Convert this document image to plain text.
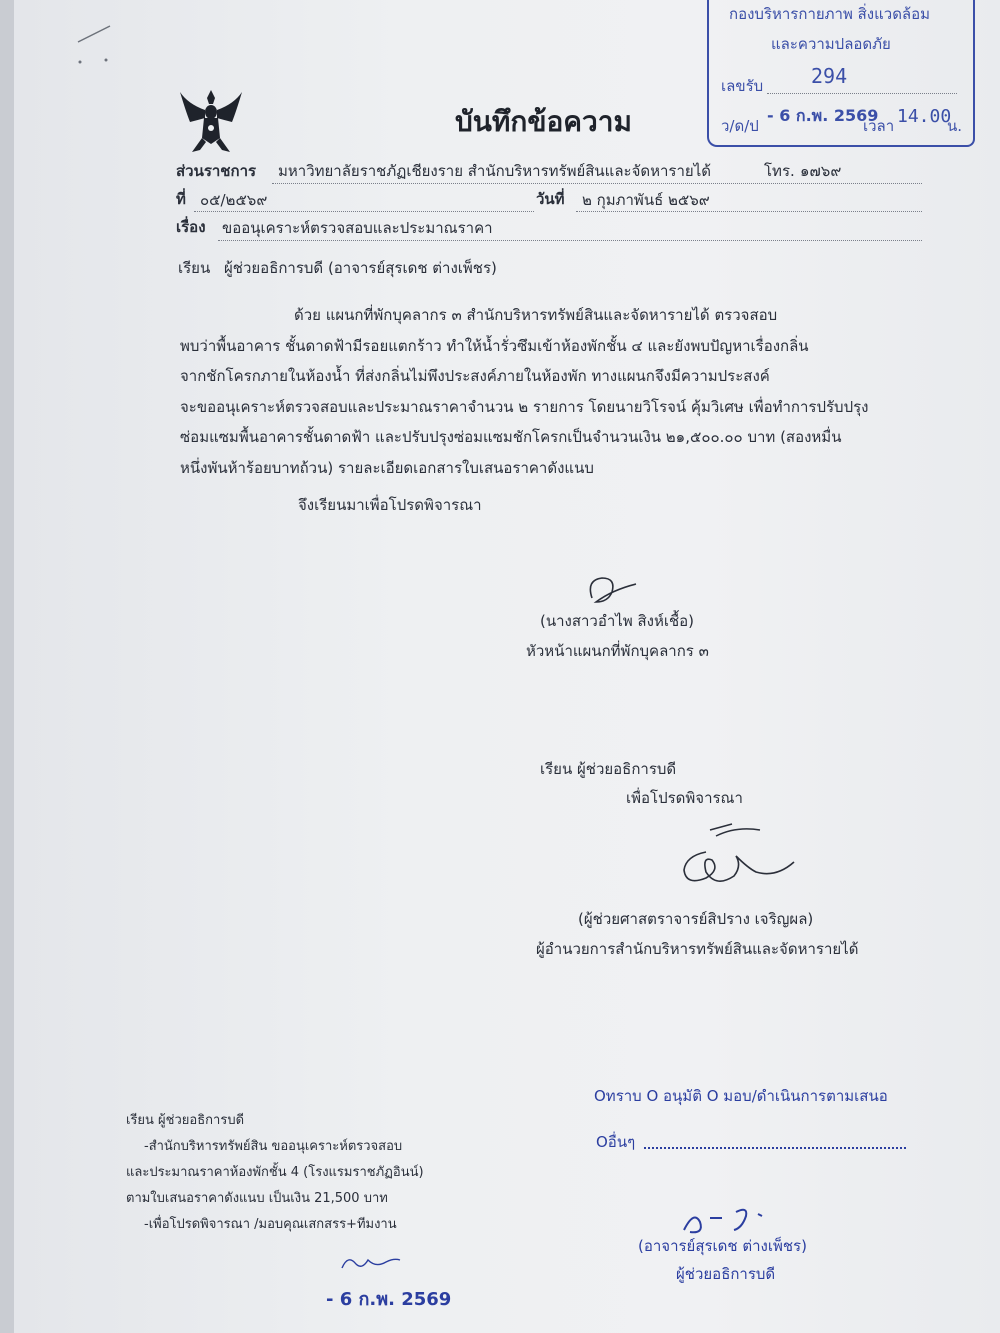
กองบริหารกายภาพ สิ่งแวดล้อม
และความปลอดภัย
เลขรับ 294
ว/ด/ป
- 6 ก.พ. 2569
เวลา 14.00
น.
บันทึกข้อความ
ส่วนราชการ มหาวิทยาลัยราชภัฏเชียงราย สำนักบริหารทรัพย์สินและจัดหารายได้	โทร. ๑๗๖๙
ที่ ๐๕/๒๕๖๙	วันที่ ๒ กุมภาพันธ์ ๒๕๖๙
เรื่อง ขออนุเคราะห์ตรวจสอบและประมาณราคา
เรียน ผู้ช่วยอธิการบดี (อาจารย์สุรเดช ต่างเพ็ชร)
ด้วย แผนกที่พักบุคลากร ๓ สำนักบริหารทรัพย์สินและจัดหารายได้ ตรวจสอบ
พบว่าพื้นอาคาร ชั้นดาดฟ้ามีรอยแตกร้าว ทำให้น้ำรั่วซึมเข้าห้องพักชั้น ๔ และยังพบปัญหาเรื่องกลิ่น
จากชักโครกภายในห้องน้ำ ที่ส่งกลิ่นไม่พึงประสงค์ภายในห้องพัก ทางแผนกจึงมีความประสงค์
จะขออนุเคราะห์ตรวจสอบและประมาณราคาจำนวน ๒ รายการ โดยนายวิโรจน์ คุ้มวิเศษ เพื่อทำการปรับปรุง
ซ่อมแซมพื้นอาคารชั้นดาดฟ้า และปรับปรุงซ่อมแซมชักโครกเป็นจำนวนเงิน ๒๑,๕๐๐.๐๐ บาท (สองหมื่น
หนึ่งพันห้าร้อยบาทถ้วน) รายละเอียดเอกสารใบเสนอราคาดังแนบ
จึงเรียนมาเพื่อโปรดพิจารณา
(นางสาวอำไพ สิงห์เชื้อ)
หัวหน้าแผนกที่พักบุคลากร ๓
เรียน ผู้ช่วยอธิการบดี
เพื่อโปรดพิจารณา
(ผู้ช่วยศาสตราจารย์สิปราง เจริญผล)
ผู้อำนวยการสำนักบริหารทรัพย์สินและจัดหารายได้
เรียน ผู้ช่วยอธิการบดี
-สำนักบริหารทรัพย์สิน ขออนุเคราะห์ตรวจสอบ
และประมาณราคาห้องพักชั้น 4 (โรงแรมราชภัฏอินน์)
ตามใบเสนอราคาดังแนบ เป็นเงิน 21,500 บาท
-เพื่อโปรดพิจารณา /มอบคุณเสกสรร+ทีมงาน
- 6 ก.พ. 2569
Oทราบ O อนุมัติ O มอบ/ดำเนินการตามเสนอ
Oอื่นๆ
(อาจารย์สุรเดช ต่างเพ็ชร)
ผู้ช่วยอธิการบดี
